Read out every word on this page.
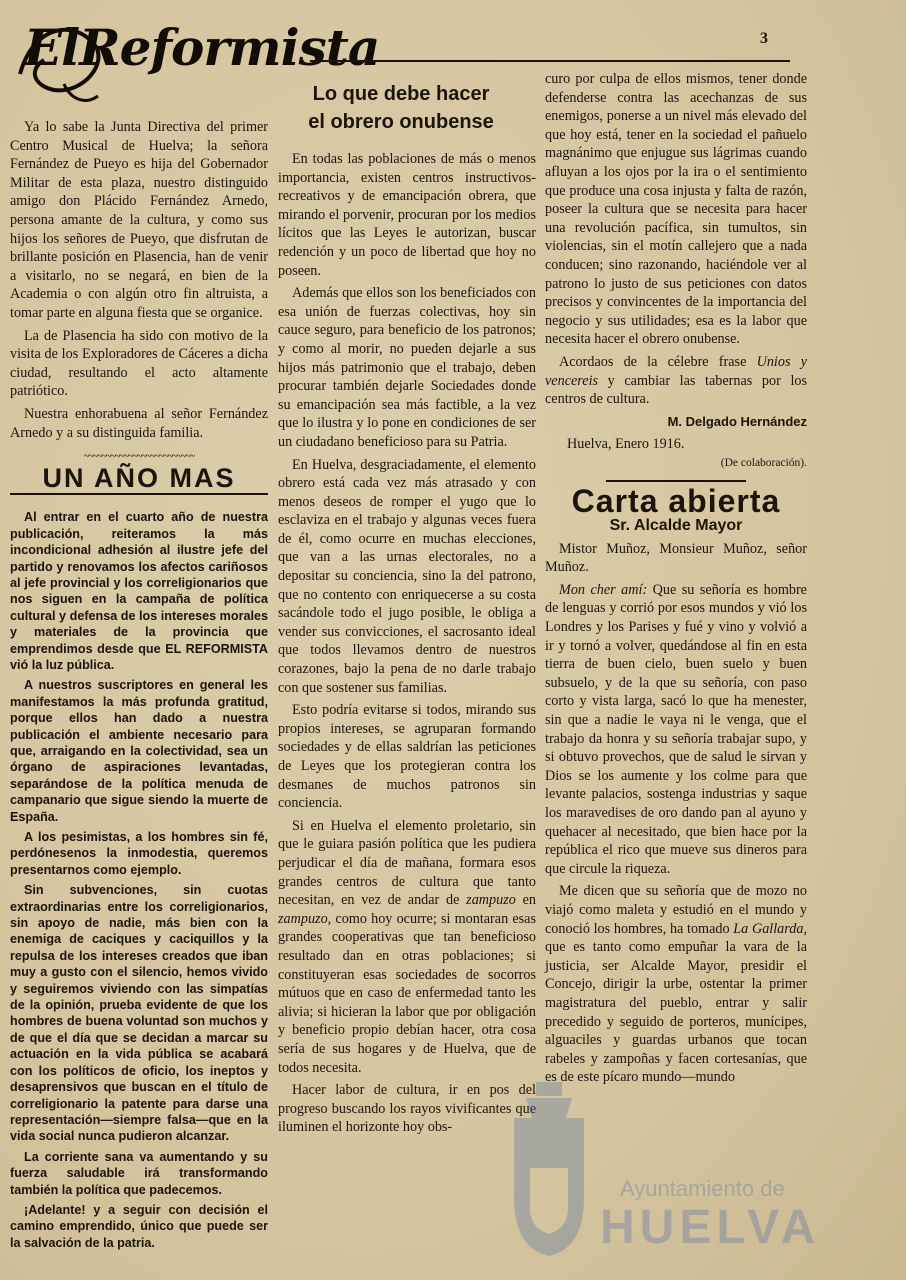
ElReformista	3

Ya lo sabe la Junta Directiva del primer Centro Musical de Huelva; la señora Fernández de Pueyo es hija del Gobernador Militar de esta plaza, nuestro distinguido amigo don Plácido Fernández Arnedo, persona amante de la cultura, y como sus hijos los señores de Pueyo, que disfrutan de brillante posición en Plasencia, han de venir a visitarlo, no se negará, en bien de la Academia o con algún otro fin altruista, a tomar parte en alguna fiesta que se organice.

La de Plasencia ha sido con motivo de la visita de los Exploradores de Cáceres a dicha ciudad, resultando el acto altamente patriótico.

Nuestra enhorabuena al señor Fernández Arnedo y a su distinguida familia.

~~~~~~~~~~~~~~~~~~~~~~~~~
UN AÑO MAS

Al entrar en el cuarto año de nuestra publicación, reiteramos la más incondicional adhesión al ilustre jefe del partido y renovamos los afectos cariñosos al jefe provincial y los correligionarios que nos siguen en la campaña de política cultural y defensa de los intereses morales y materiales de la provincia que emprendimos desde que EL REFORMISTA vió la luz pública.

A nuestros suscriptores en general les manifestamos la más profunda gratitud, porque ellos han dado a nuestra publicación el ambiente necesario para que, arraigando en la colectividad, sea un órgano de aspiraciones levantadas, separándose de la política menuda de campanario que sigue siendo la muerte de España.

A los pesimistas, a los hombres sin fé, perdónesenos la inmodestia, queremos presentarnos como ejemplo.

Sin subvenciones, sin cuotas extraordinarias entre los correligionarios, sin apoyo de nadie, más bien con la enemiga de caciques y caciquillos y la repulsa de los intereses creados que iban muy a gusto con el silencio, hemos vivido y seguiremos viviendo con las simpatías de la opinión, prueba evidente de que los hombres de buena voluntad son muchos y de que el día que se decidan a marcar su actuación en la vida pública se acabará con los políticos de oficio, los ineptos y desaprensivos que buscan en el título de correligionario la patente para darse una representación—siempre falsa—que en la vida social nunca pudieron alcanzar.

La corriente sana va aumentando y su fuerza saludable irá transformando también la política que padecemos.

¡Adelante! y a seguir con decisión el camino emprendido, único que puede ser la salvación de la patria.

Lo que debe hacer
el obrero onubense

En todas las poblaciones de más o menos importancia, existen centros instructivos-recreativos y de emancipación obrera, que mirando el porvenir, procuran por los medios lícitos que las Leyes le autorizan, buscar redención y un poco de libertad que hoy no poseen.

Además que ellos son los beneficiados con esa unión de fuerzas colectivas, hoy sin cauce seguro, para beneficio de los patronos; y como al morir, no pueden dejarle a sus hijos más patrimonio que el trabajo, deben procurar también dejarle Sociedades donde su emancipación sea más factible, a la vez que lo ilustra y lo pone en condiciones de ser un ciudadano beneficioso para su Patria.

En Huelva, desgraciadamente, el elemento obrero está cada vez más atrasado y con menos deseos de romper el yugo que lo esclaviza en el trabajo y algunas veces fuera de él, como ocurre en muchas elecciones, que van a las urnas electorales, no a depositar su conciencia, sino la del patrono, que no contento con enriquecerse a su costa sacándole todo el jugo posible, le obliga a vender sus convicciones, el sacrosanto ideal que todos llevamos dentro de nuestros corazones, bajo la pena de no darle trabajo con que sostener sus familias.

Esto podría evitarse si todos, mirando sus propios intereses, se agruparan formando sociedades y de ellas saldrían las peticiones de Leyes que los protegieran contra los desmanes de muchos patronos sin conciencia.

Si en Huelva el elemento proletario, sin que le guiara pasión política que les pudiera perjudicar el día de mañana, formara esos grandes centros de cultura que tanto necesitan, en vez de andar de zampuzo en zampuzo, como hoy ocurre; si montaran esas grandes cooperativas que tan beneficioso resultado dan en otras poblaciones; si constituyeran esas sociedades de socorros mútuos que en caso de enfermedad tanto les alivia; si hicieran la labor que por obligación y beneficio propio debían hacer, otra cosa sería de sus hogares y de Huelva, que de todos necesita.

Hacer labor de cultura, ir en pos del progreso buscando los rayos vivificantes que iluminen el horizonte hoy obs-

curo por culpa de ellos mismos, tener donde defenderse contra las acechanzas de sus enemigos, ponerse a un nivel más elevado del que hoy está, tener en la sociedad el pañuelo magnánimo que enjugue sus lágrimas cuando afluyan a los ojos por la ira o el sentimiento que produce una cosa injusta y falta de razón, poseer la cultura que se necesita para hacer una revolución pacífica, sin tumultos, sin violencias, sin el motín callejero que a nada conducen; sino razonando, haciéndole ver al patrono lo justo de sus peticiones con datos precisos y convincentes de la importancia del negocio y sus utilidades; esa es la labor que necesita hacer el obrero onubense.

Acordaos de la célebre frase Unios y vencereis y cambiar las tabernas por los centros de cultura.

M. Delgado Hernández
Huelva, Enero 1916.
(De colaboración).
Carta abierta
Sr. Alcalde Mayor

Mistor Muñoz, Monsieur Muñoz, señor Muñoz.

Mon cher amí: Que su señoría es hombre de lenguas y corrió por esos mundos y vió los Londres y los Parises y fué y vino y volvió a ir y tornó a volver, quedándose al fin en esta tierra de buen cielo, buen suelo y buen subsuelo, y de la que su señoría, con paso corto y vista larga, sacó lo que ha menester, sin que a nadie le vaya ni le venga, que el trabajo da honra y su señoría trabajar supo, y si obtuvo provechos, que de salud le sirvan y Dios se los aumente y los colme para que levante palacios, sostenga industrias y saque los maravedises de oro dando pan al ayuno y quehacer al necesitado, que bien hace por la república el rico que mueve sus dineros para que circule la riqueza.

Me dicen que su señoría que de mozo no viajó como maleta y estudió en el mundo y conoció los hombres, ha tomado La Gallarda, que es tanto como empuñar la vara de la justicia, ser Alcalde Mayor, presidir el Concejo, dirigir la urbe, ostentar la primer magistratura del pueblo, entrar y salir precedido y seguido de porteros, munícipes, alguaciles y guardas urbanos que tocan rabeles y zampoñas y facen cortesanías, que es de este pícaro mundo—mundo

Ayuntamiento de
HUELVA
